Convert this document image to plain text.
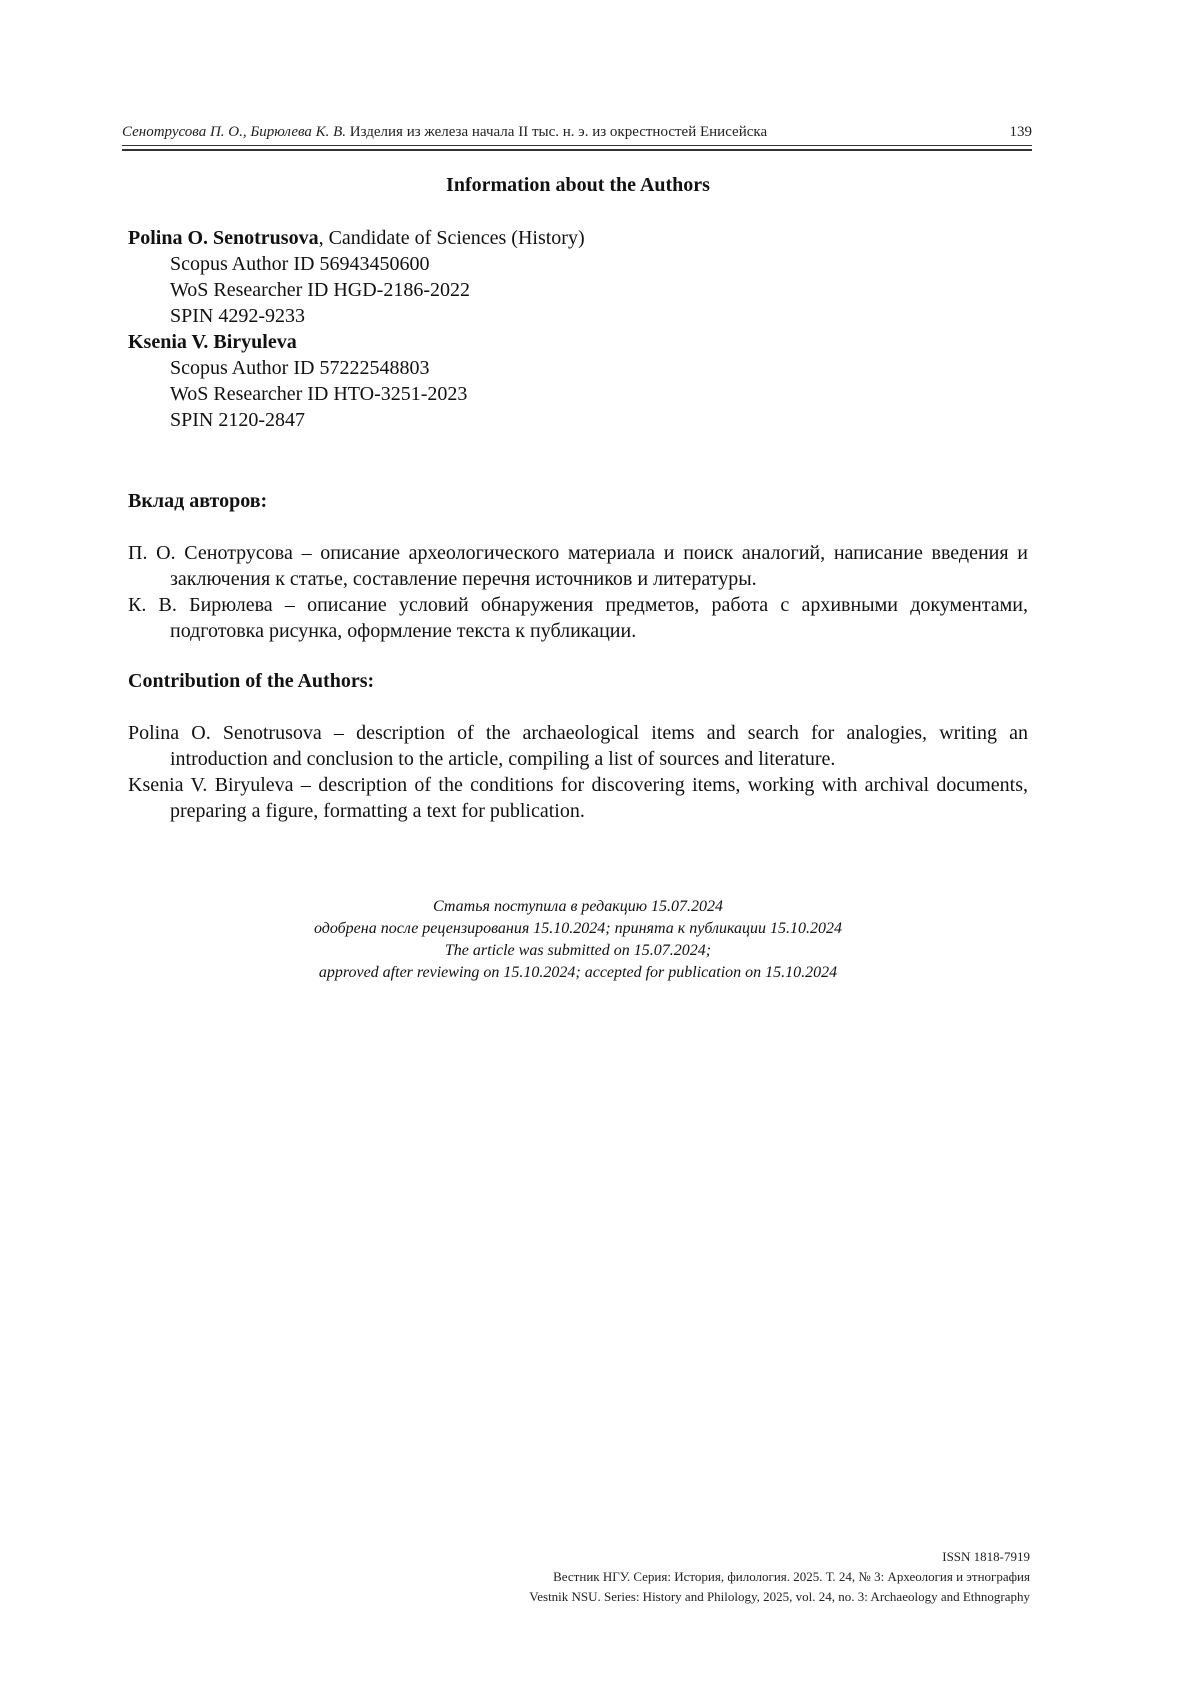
Сенотрусова П. О., Бирюлева К. В. Изделия из железа начала II тыс. н. э. из окрестностей Енисейска	139
Information about the Authors

Polina O. Senotrusova, Candidate of Sciences (History)

Scopus Author ID 56943450600

WoS Researcher ID HGD-2186-2022

SPIN 4292-9233

Ksenia V. Biryuleva

Scopus Author ID 57222548803

WoS Researcher ID HTO-3251-2023

SPIN 2120-2847

Вклад авторов:

П. О. Сенотрусова – описание археологического материала и поиск аналогий, написание введения и заключения к статье, составление перечня источников и литературы.

К. В. Бирюлева – описание условий обнаружения предметов, работа с архивными документами, подготовка рисунка, оформление текста к публикации.

Contribution of the Authors:

Polina O. Senotrusova – description of the archaeological items and search for analogies, writing an introduction and conclusion to the article, compiling a list of sources and literature.

Ksenia V. Biryuleva – description of the conditions for discovering items, working with archival documents, preparing a figure, formatting a text for publication.

Статья поступила в редакцию 15.07.2024
одобрена после рецензирования 15.10.2024; принята к публикации 15.10.2024
The article was submitted on 15.07.2024;
approved after reviewing on 15.10.2024; accepted for publication on 15.10.2024
ISSN 1818-7919
Вестник НГУ. Серия: История, филология. 2025. Т. 24, № 3: Археология и этнография
Vestnik NSU. Series: History and Philology, 2025, vol. 24, no. 3: Archaeology and Ethnography
